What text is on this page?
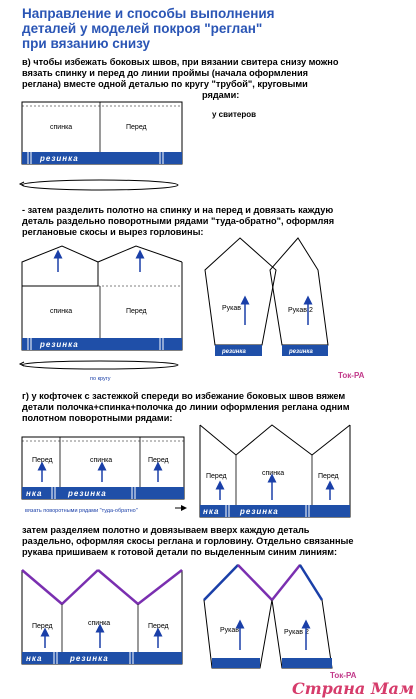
Направление и способы выполнения
деталей у моделей покроя "реглан"
при вязанию снизу
в) чтобы избежать боковых швов, при вязании свитера снизу можно
вязать спинку и перед до линии проймы (начала оформления
реглана) вместе одной деталью по кругу "трубой", круговыми
рядами:
- затем разделить полотно на спинку и на перед и довязать каждую
деталь раздельно поворотными рядами "туда-обратно", оформляя
реглановые скосы и вырез горловины:
г) у кофточек с застежкой спереди во избежание боковых швов вяжем
детали полочка+спинка+полочка до линии оформления реглана одним
полотном поворотными рядами:
затем разделяем полотно и довязываем вверх каждую деталь
раздельно, оформляя скосы реглана и горловину. Отдельно связанные
рукава пришиваем к готовой детали по выделенным синим линиям:
спинка	Перед
резинка
у свитеров
спинка	Перед
резинка
по кругу
Рукав	Рукав 2
резинка	резинка
Ток-РА
Перед	спинка	Перед
нка	резинка
вязать поворотными рядами "туда-обратно"
Перед	спинка	Перед
нка	резинка
Перед	спинка	Перед
нка	резинка
Рукав	Рукав 2
Ток-РА
Страна Мам
